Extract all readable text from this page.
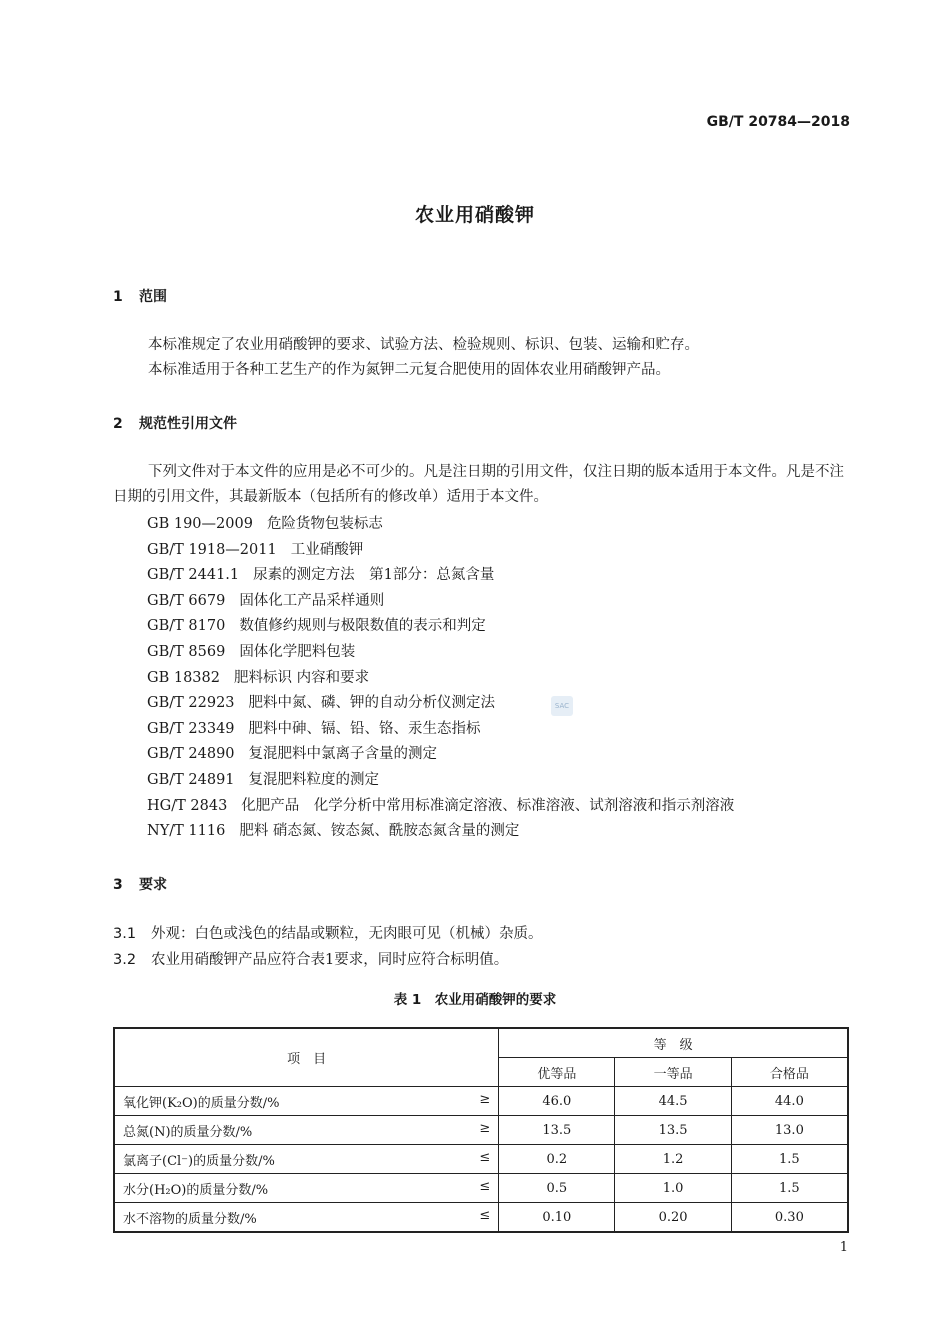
GB/T 20784—2018
农业用硝酸钾
1 范围
本标准规定了农业用硝酸钾的要求、试验方法、检验规则、标识、包装、运输和贮存。
本标准适用于各种工艺生产的作为氮钾二元复合肥使用的固体农业用硝酸钾产品。
2 规范性引用文件
下列文件对于本文件的应用是必不可少的。凡是注日期的引用文件，仅注日期的版本适用于本文件。凡是不注日期的引用文件，其最新版本（包括所有的修改单）适用于本文件。
GB 190—2009 危险货物包装标志
GB/T 1918—2011 工业硝酸钾
GB/T 2441.1 尿素的测定方法　第1部分：总氮含量
GB/T 6679 固体化工产品采样通则
GB/T 8170 数值修约规则与极限数值的表示和判定
GB/T 8569 固体化学肥料包装
GB 18382 肥料标识 内容和要求
GB/T 22923 肥料中氮、磷、钾的自动分析仪测定法
GB/T 23349 肥料中砷、镉、铅、铬、汞生态指标
GB/T 24890 复混肥料中氯离子含量的测定
GB/T 24891 复混肥料粒度的测定
HG/T 2843 化肥产品　化学分析中常用标准滴定溶液、标准溶液、试剂溶液和指示剂溶液
NY/T 1116 肥料 硝态氮、铵态氮、酰胺态氮含量的测定
SAC
3 要求
3.1 外观：白色或浅色的结晶或颗粒，无肉眼可见（机械）杂质。
3.2 农业用硝酸钾产品应符合表1要求，同时应符合标明值。
表 1　农业用硝酸钾的要求
项　目	等　级		
	优等品	一等品	合格品

氧化钾(K₂O)的质量分数/% ≥	46.0	44.5	44.0

总氮(N)的质量分数/% ≥	13.5	13.5	13.0

氯离子(Cl⁻)的质量分数/% ≤	0.2	1.2	1.5

水分(H₂O)的质量分数/% ≤	0.5	1.0	1.5

水不溶物的质量分数/% ≤	0.10	0.20	0.30
1
